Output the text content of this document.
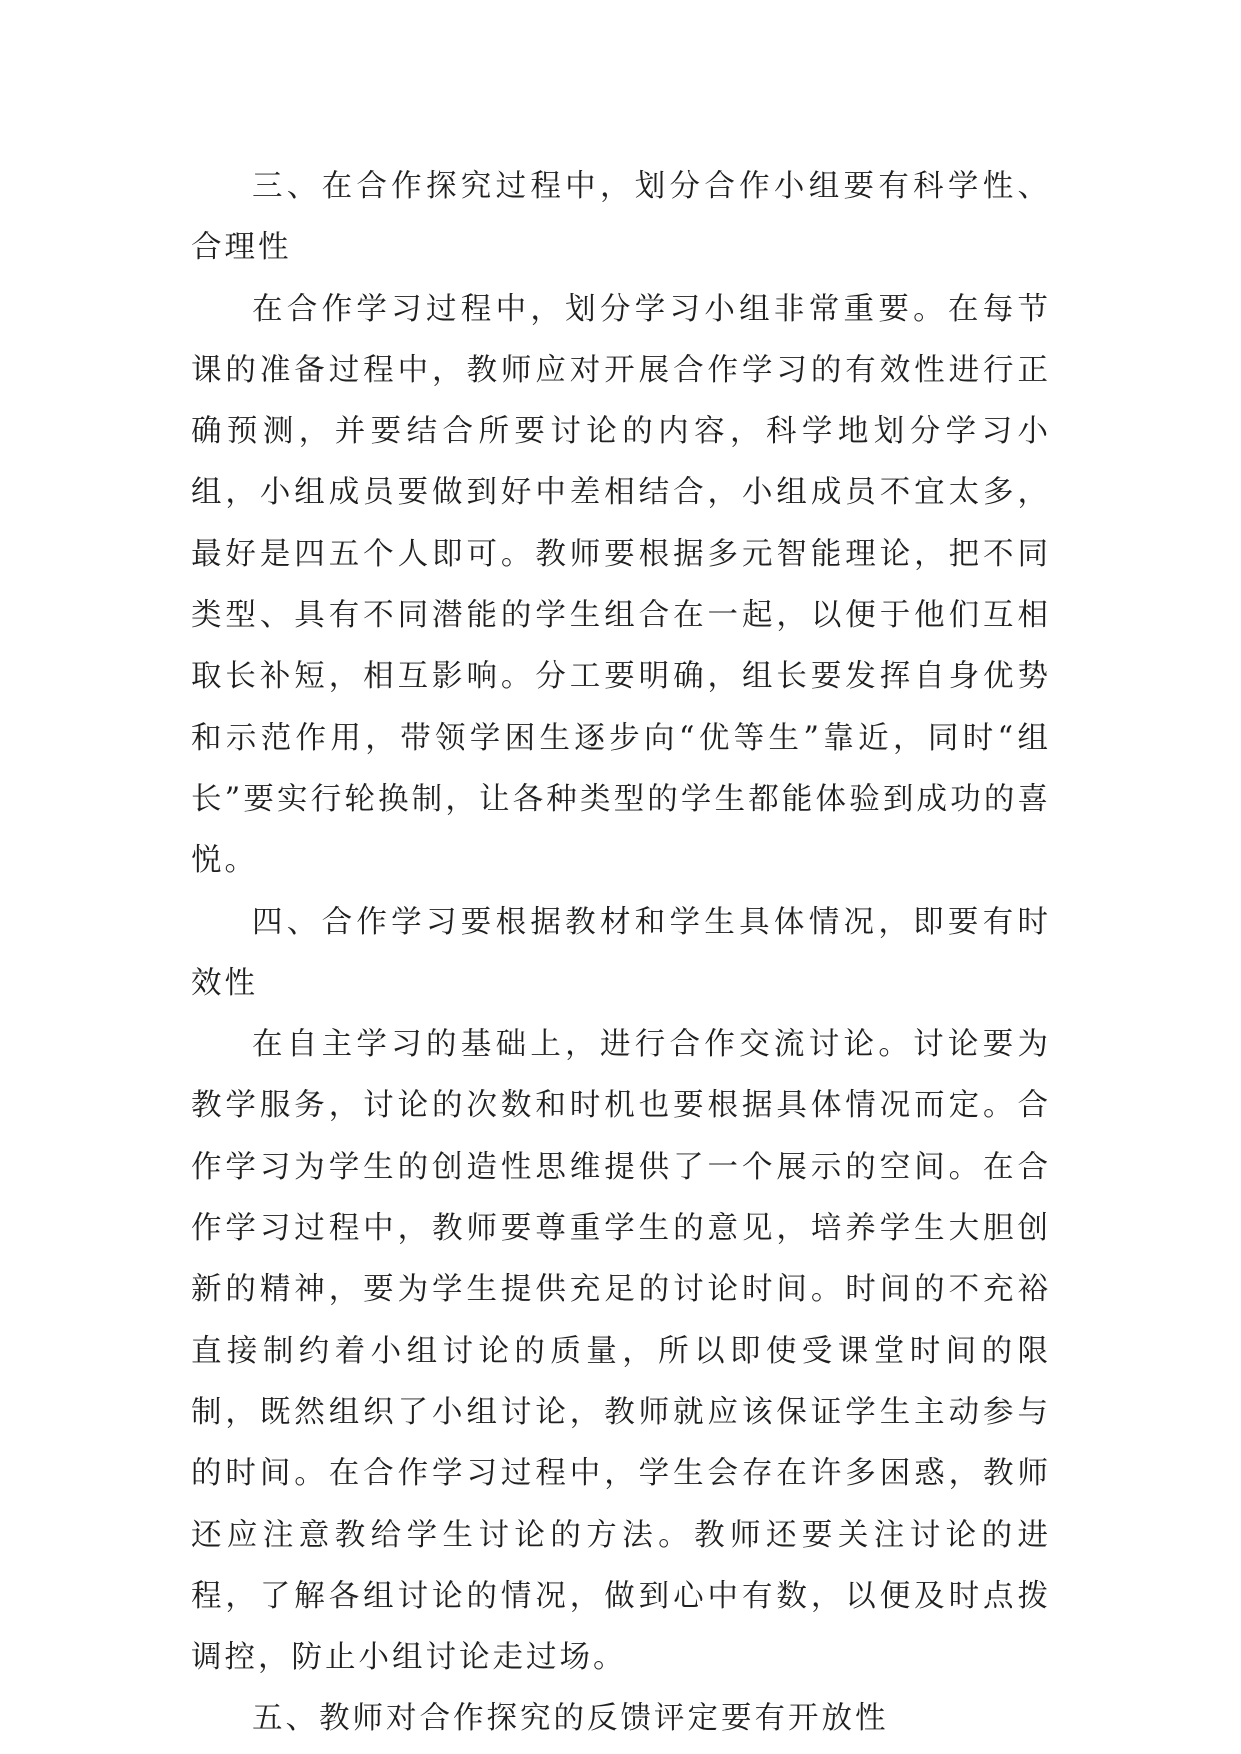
三、在合作探究过程中，划分合作小组要有科学性、合理性

在合作学习过程中，划分学习小组非常重要。在每节课的准备过程中，教师应对开展合作学习的有效性进行正确预测，并要结合所要讨论的内容，科学地划分学习小组，小组成员要做到好中差相结合，小组成员不宜太多，最好是四五个人即可。教师要根据多元智能理论，把不同类型、具有不同潜能的学生组合在一起，以便于他们互相取长补短，相互影响。分工要明确，组长要发挥自身优势和示范作用，带领学困生逐步向“优等生”靠近，同时“组长”要实行轮换制，让各种类型的学生都能体验到成功的喜悦。

四、合作学习要根据教材和学生具体情况，即要有时效性

在自主学习的基础上，进行合作交流讨论。讨论要为教学服务，讨论的次数和时机也要根据具体情况而定。合作学习为学生的创造性思维提供了一个展示的空间。在合作学习过程中，教师要尊重学生的意见，培养学生大胆创新的精神，要为学生提供充足的讨论时间。时间的不充裕直接制约着小组讨论的质量，所以即使受课堂时间的限制，既然组织了小组讨论，教师就应该保证学生主动参与的时间。在合作学习过程中，学生会存在许多困惑，教师还应注意教给学生讨论的方法。教师还要关注讨论的进程，了解各组讨论的情况，做到心中有数，以便及时点拨调控，防止小组讨论走过场。

五、教师对合作探究的反馈评定要有开放性
